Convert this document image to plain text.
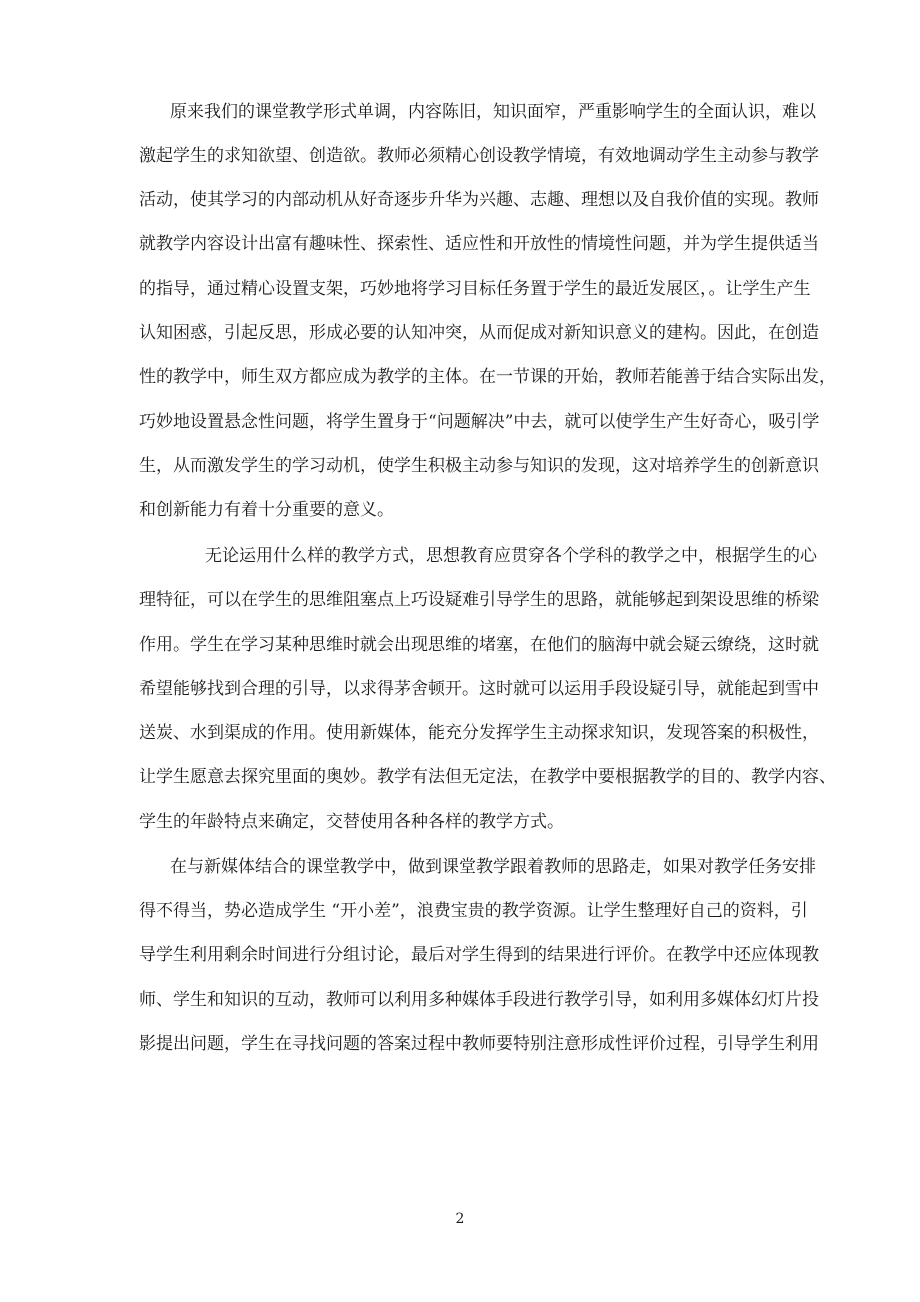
原来我们的课堂教学形式单调，内容陈旧，知识面窄，严重影响学生的全面认识，难以
激起学生的求知欲望、创造欲。教师必须精心创设教学情境，有效地调动学生主动参与教学
活动，使其学习的内部动机从好奇逐步升华为兴趣、志趣、理想以及自我价值的实现。教师
就教学内容设计出富有趣味性、探索性、适应性和开放性的情境性问题，并为学生提供适当
的指导，通过精心设置支架，巧妙地将学习目标任务置于学生的最近发展区，。让学生产生
认知困惑，引起反思，形成必要的认知冲突，从而促成对新知识意义的建构。因此，在创造
性的教学中，师生双方都应成为教学的主体。在一节课的开始，教师若能善于结合实际出发，
巧妙地设置悬念性问题，将学生置身于“问题解决”中去，就可以使学生产生好奇心，吸引学
生，从而激发学生的学习动机，使学生积极主动参与知识的发现，这对培养学生的创新意识
和创新能力有着十分重要的意义。
无论运用什么样的教学方式，思想教育应贯穿各个学科的教学之中，根据学生的心
理特征，可以在学生的思维阻塞点上巧设疑难引导学生的思路，就能够起到架设思维的桥梁
作用。学生在学习某种思维时就会出现思维的堵塞，在他们的脑海中就会疑云缭绕，这时就
希望能够找到合理的引导，以求得茅舍顿开。这时就可以运用手段设疑引导，就能起到雪中
送炭、水到渠成的作用。使用新媒体，能充分发挥学生主动探求知识，发现答案的积极性，
让学生愿意去探究里面的奥妙。教学有法但无定法，在教学中要根据教学的目的、教学内容、
学生的年龄特点来确定，交替使用各种各样的教学方式。
在与新媒体结合的课堂教学中，做到课堂教学跟着教师的思路走，如果对教学任务安排
得不得当，势必造成学生 “开小差”，浪费宝贵的教学资源。让学生整理好自己的资料，引
导学生利用剩余时间进行分组讨论，最后对学生得到的结果进行评价。在教学中还应体现教
师、学生和知识的互动，教师可以利用多种媒体手段进行教学引导，如利用多媒体幻灯片投
影提出问题，学生在寻找问题的答案过程中教师要特别注意形成性评价过程，引导学生利用
2
